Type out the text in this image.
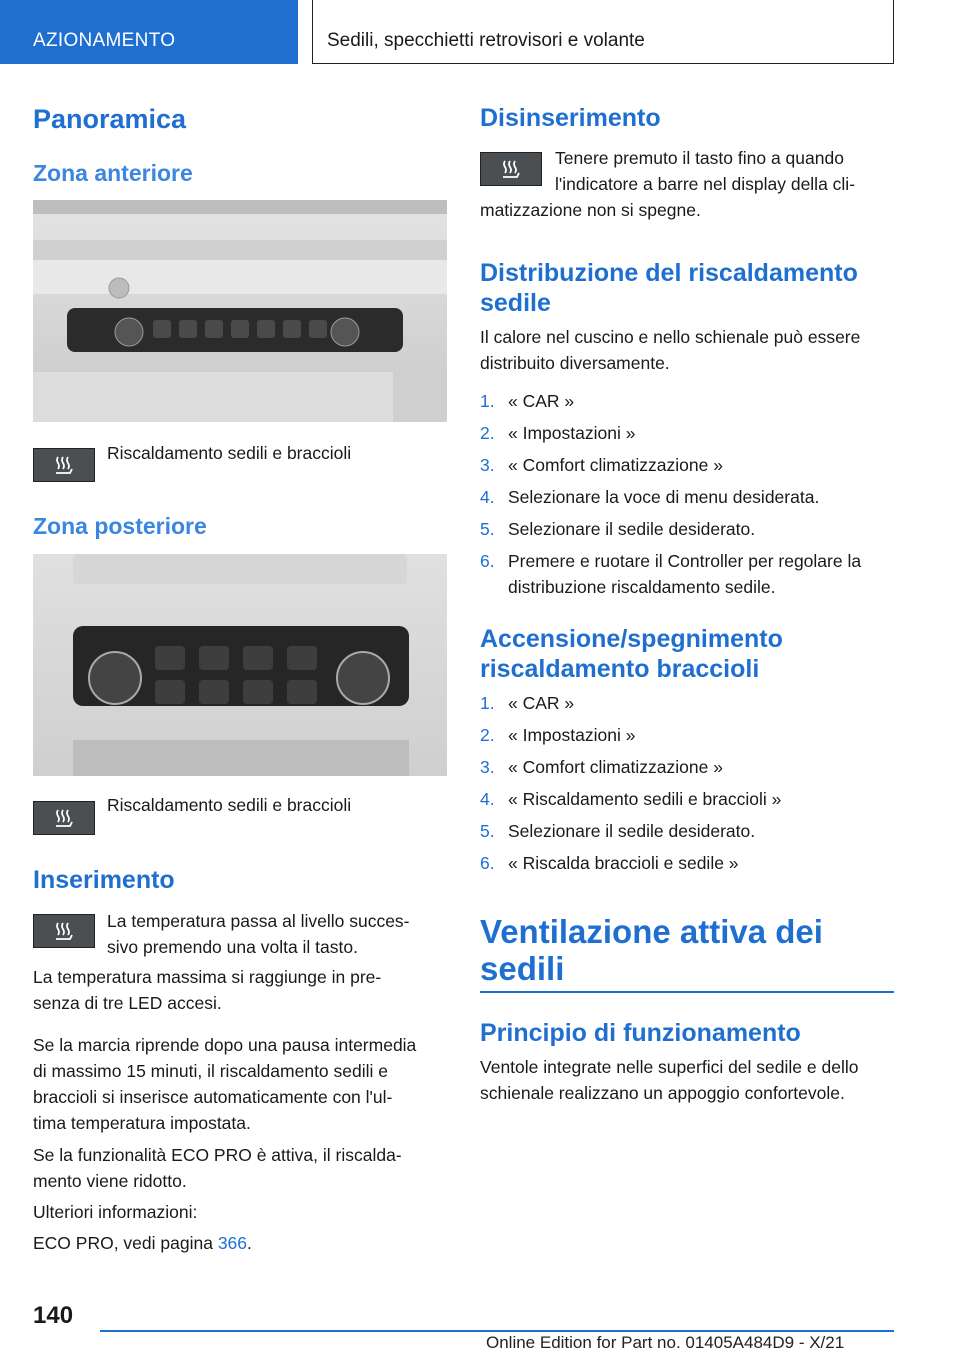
AZIONAMENTO	Sedili, specchietti retrovisori e volante
Panoramica
Zona anteriore
Riscaldamento sedili e braccioli
Zona posteriore
Riscaldamento sedili e braccioli
Inserimento
La temperatura passa al livello succes-
sivo premendo una volta il tasto.
La temperatura massima si raggiunge in pre-
senza di tre LED accesi.
Se la marcia riprende dopo una pausa intermedia
di massimo 15 minuti, il riscaldamento sedili e
braccioli si inserisce automaticamente con l'ul-
tima temperatura impostata.
Se la funzionalità ECO PRO è attiva, il riscalda-
mento viene ridotto.
Ulteriori informazioni:
ECO PRO, vedi pagina 366.
Disinserimento
Tenere premuto il tasto fino a quando
l'indicatore a barre nel display della cli-
matizzazione non si spegne.
Distribuzione del riscaldamento
sedile
Il calore nel cuscino e nello schienale può essere
distribuito diversamente.
1. « CAR »
2. « Impostazioni »
3. « Comfort climatizzazione »
4. Selezionare la voce di menu desiderata.
5. Selezionare il sedile desiderato.
6. Premere e ruotare il Controller per regolare la distribuzione riscaldamento sedile.
Accensione/spegnimento
riscaldamento braccioli
1. « CAR »
2. « Impostazioni »
3. « Comfort climatizzazione »
4. « Riscaldamento sedili e braccioli »
5. Selezionare il sedile desiderato.
6. « Riscalda braccioli e sedile »
Ventilazione attiva dei
sedili
Principio di funzionamento
Ventole integrate nelle superfici del sedile e dello
schienale realizzano un appoggio confortevole.
140
Online Edition for Part no. 01405A484D9 - X/21
